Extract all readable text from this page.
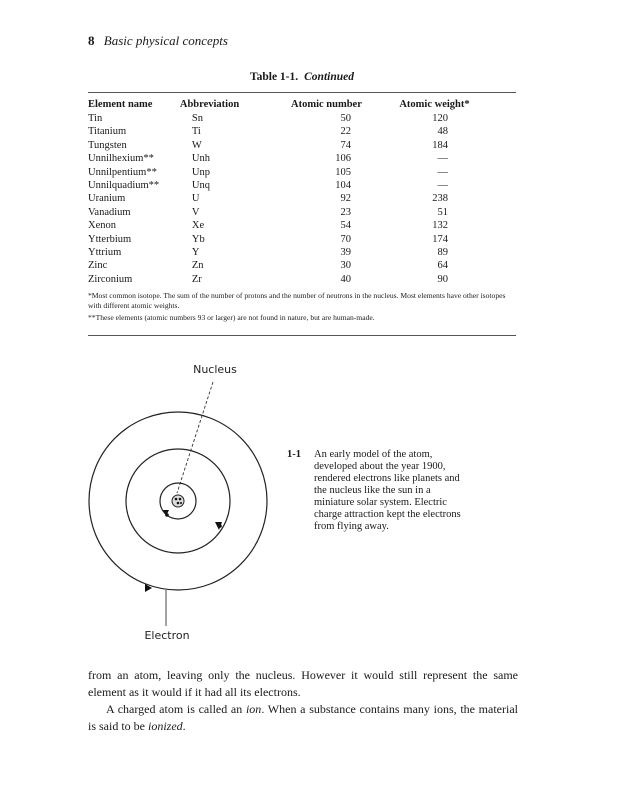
8 Basic physical concepts
Table 1-1. Continued
Element name	Abbreviation	Atomic number	Atomic weight*
Tin	Sn	50	120
Titanium	Ti	22	48
Tungsten	W	74	184
Unnilhexium**	Unh	106	—
Unnilpentium**	Unp	105	—
Unnilquadium**	Unq	104	—
Uranium	U	92	238
Vanadium	V	23	51
Xenon	Xe	54	132
Ytterbium	Yb	70	174
Yttrium	Y	39	89
Zinc	Zn	30	64
Zirconium	Zr	40	90

*Most common isotope. The sum of the number of protons and the number of neutrons in the nucleus. Most elements have other isotopes with different atomic weights.

**These elements (atomic numbers 93 or larger) are not found in nature, but are human-made.

Nucleus
Electron
1-1 An early model of the atom, developed about the year 1900, rendered electrons like planets and the nucleus like the sun in a miniature solar system. Electric charge attraction kept the electrons from flying away.

from an atom, leaving only the nucleus. However it would still represent the same element as it would if it had all its electrons.

A charged atom is called an ion. When a substance contains many ions, the material is said to be ionized.
